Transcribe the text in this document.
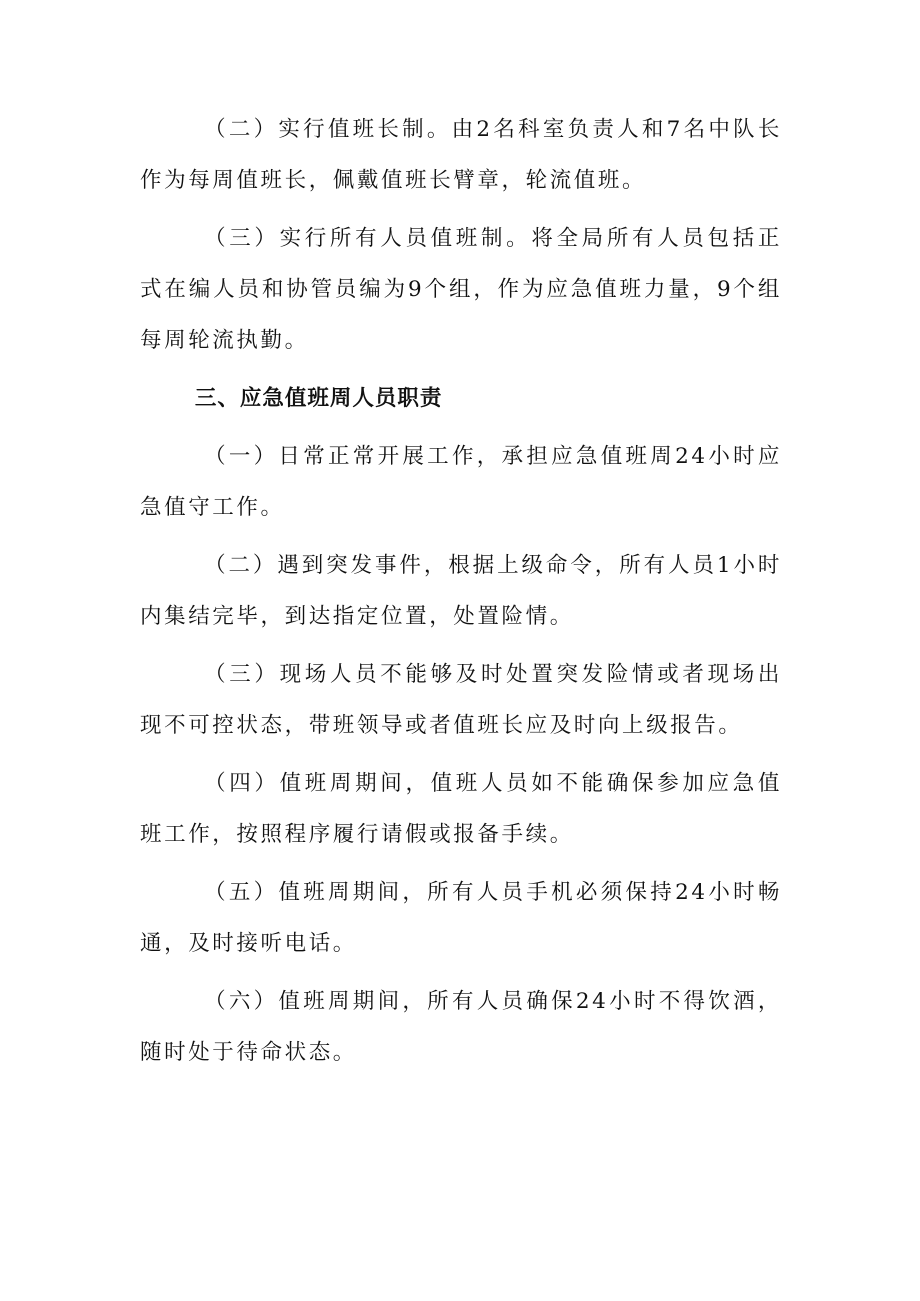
（二）实行值班长制。由2名科室负责人和7名中队长作为每周值班长，佩戴值班长臂章，轮流值班。

（三）实行所有人员值班制。将全局所有人员包括正式在编人员和协管员编为9个组，作为应急值班力量，9个组每周轮流执勤。

三、应急值班周人员职责

（一）日常正常开展工作，承担应急值班周24小时应急值守工作。

（二）遇到突发事件，根据上级命令，所有人员1小时内集结完毕，到达指定位置，处置险情。

（三）现场人员不能够及时处置突发险情或者现场出现不可控状态，带班领导或者值班长应及时向上级报告。

（四）值班周期间，值班人员如不能确保参加应急值班工作，按照程序履行请假或报备手续。

（五）值班周期间，所有人员手机必须保持24小时畅通，及时接听电话。

（六）值班周期间，所有人员确保24小时不得饮酒，随时处于待命状态。
